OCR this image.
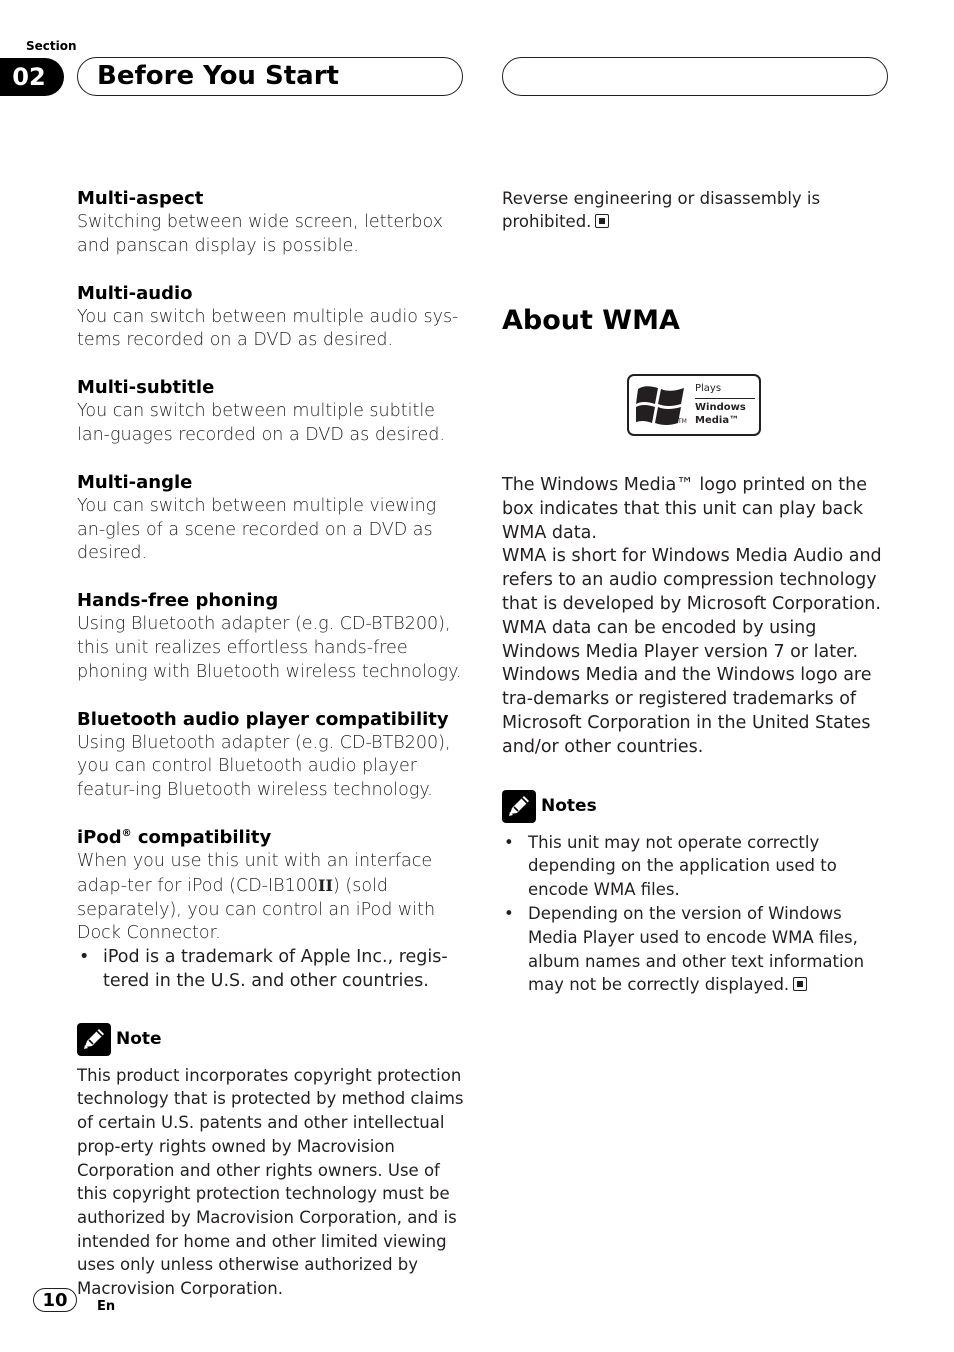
Section
02	Before You Start
Multi-aspect

Switching between wide screen, letterbox and panscan display is possible.

Multi-audio

You can switch between multiple audio sys-tems recorded on a DVD as desired.

Multi-subtitle

You can switch between multiple subtitle lan-guages recorded on a DVD as desired.

Multi-angle

You can switch between multiple viewing an-gles of a scene recorded on a DVD as desired.

Hands-free phoning

Using Bluetooth adapter (e.g. CD-BTB200), this unit realizes effortless hands-free phoning with Bluetooth wireless technology.

Bluetooth audio player compatibility

Using Bluetooth adapter (e.g. CD-BTB200), you can control Bluetooth audio player featur-ing Bluetooth wireless technology.

iPod® compatibility

When you use this unit with an interface adap-ter for iPod (CD-IB100II) (sold separately), you can control an iPod with Dock Connector.

• iPod is a trademark of Apple Inc., regis-tered in the U.S. and other countries.
Note

This product incorporates copyright protection technology that is protected by method claims of certain U.S. patents and other intellectual prop-erty rights owned by Macrovision Corporation and other rights owners. Use of this copyright protection technology must be authorized by Macrovision Corporation, and is intended for home and other limited viewing uses only unless otherwise authorized by Macrovision Corporation.

Reverse engineering or disassembly is prohibited.

About WMA
TM
Plays
Windows
Media™

The Windows Media™ logo printed on the box indicates that this unit can play back WMA data.

WMA is short for Windows Media Audio and refers to an audio compression technology that is developed by Microsoft Corporation. WMA data can be encoded by using Windows Media Player version 7 or later.

Windows Media and the Windows logo are tra-demarks or registered trademarks of Microsoft Corporation in the United States and/or other countries.

Notes
• This unit may not operate correctly depending on the application used to encode WMA files.
• Depending on the version of Windows Media Player used to encode WMA files, album names and other text information may not be correctly displayed.
10	En
